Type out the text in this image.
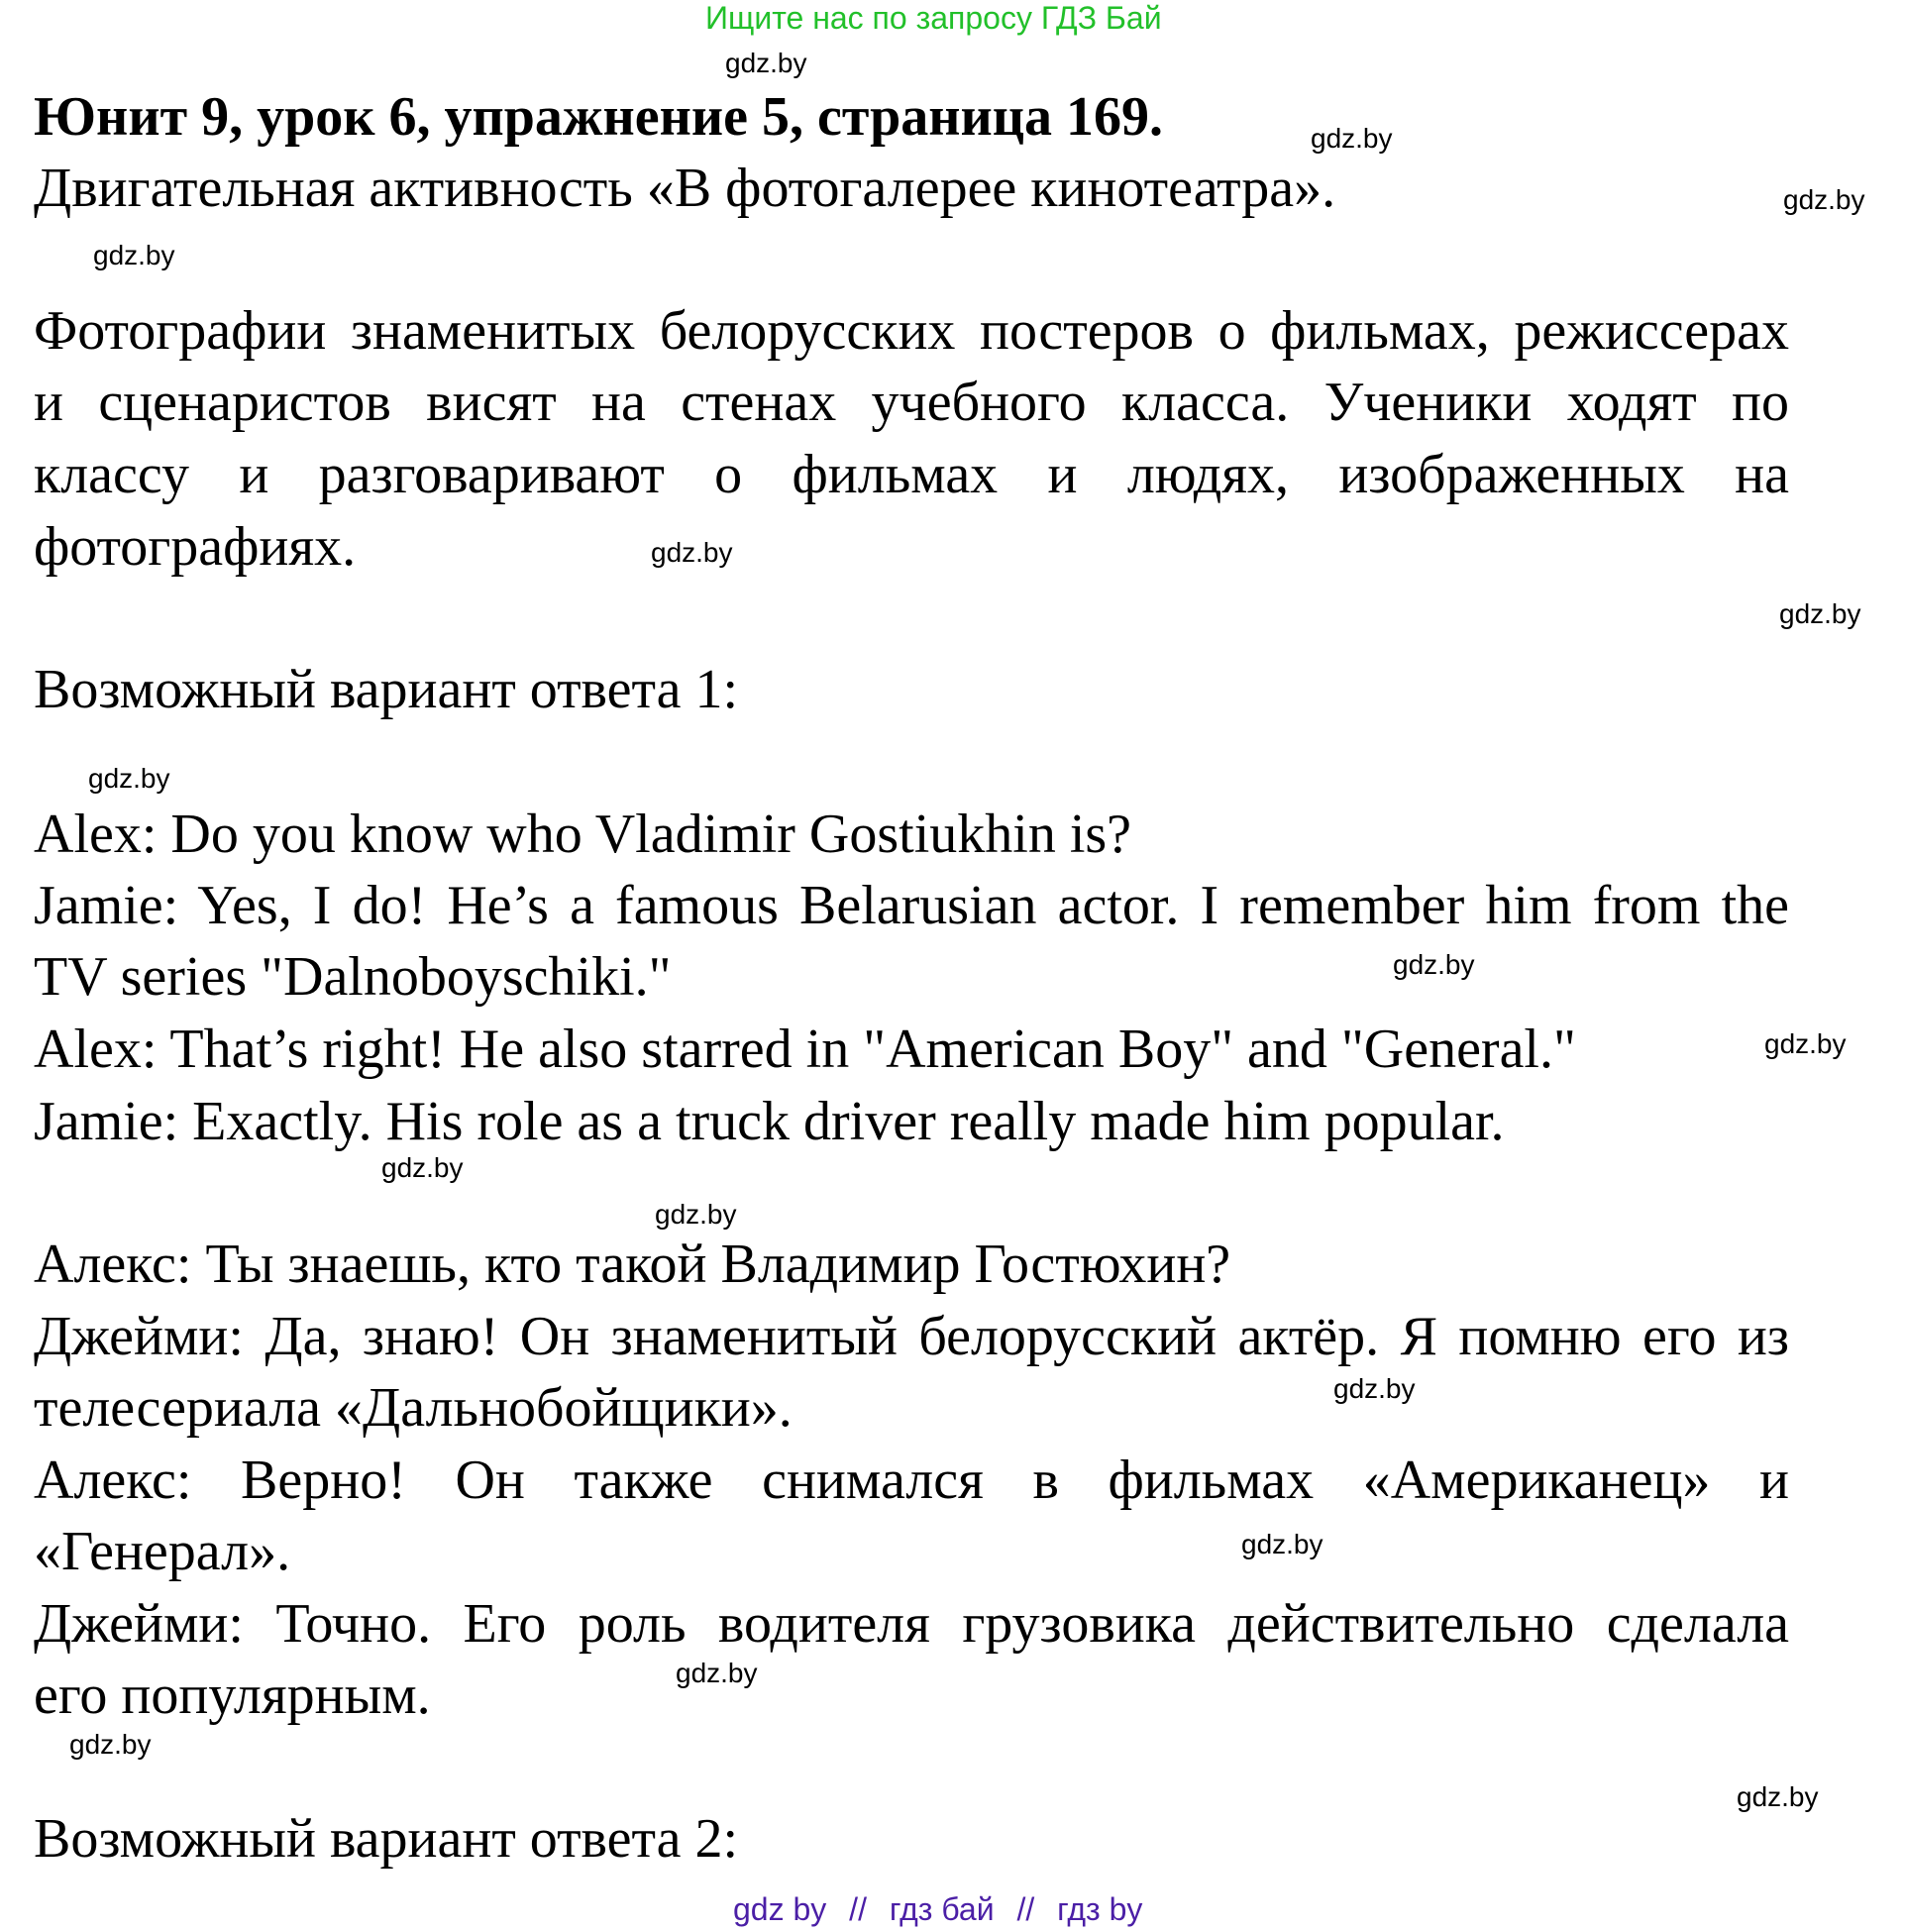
Ищите нас по запросу ГДЗ Бай
Юнит 9, урок 6, упражнение 5, страница 169.
Двигательная активность «В фотогалерее кинотеатра».
Фотографии знаменитых белорусских постеров о фильмах, режиссерах
и сценаристов висят на стенах учебного класса. Ученики ходят по
классу и разговаривают о фильмах и людях, изображенных на
фотографиях.
Возможный вариант ответа 1:
Alex: Do you know who Vladimir Gostiukhin is?
Jamie: Yes, I do! He’s a famous Belarusian actor. I remember him from the
TV series "Dalnoboyschiki."
Alex: That’s right! He also starred in "American Boy" and "General."
Jamie: Exactly. His role as a truck driver really made him popular.
Алекс: Ты знаешь, кто такой Владимир Гостюхин?
Джейми: Да, знаю! Он знаменитый белорусский актёр. Я помню его из
телесериала «Дальнобойщики».
Алекс: Верно! Он также снимался в фильмах «Американец» и
«Генерал».
Джейми: Точно. Его роль водителя грузовика действительно сделала
его популярным.
Возможный вариант ответа 2:
gdz.by
gdz.by
gdz.by
gdz.by
gdz.by
gdz.by
gdz.by
gdz.by
gdz.by
gdz.by
gdz.by
gdz.by
gdz.by
gdz.by
gdz.by
gdz.by
gdz by // гдз бай // гдз by
